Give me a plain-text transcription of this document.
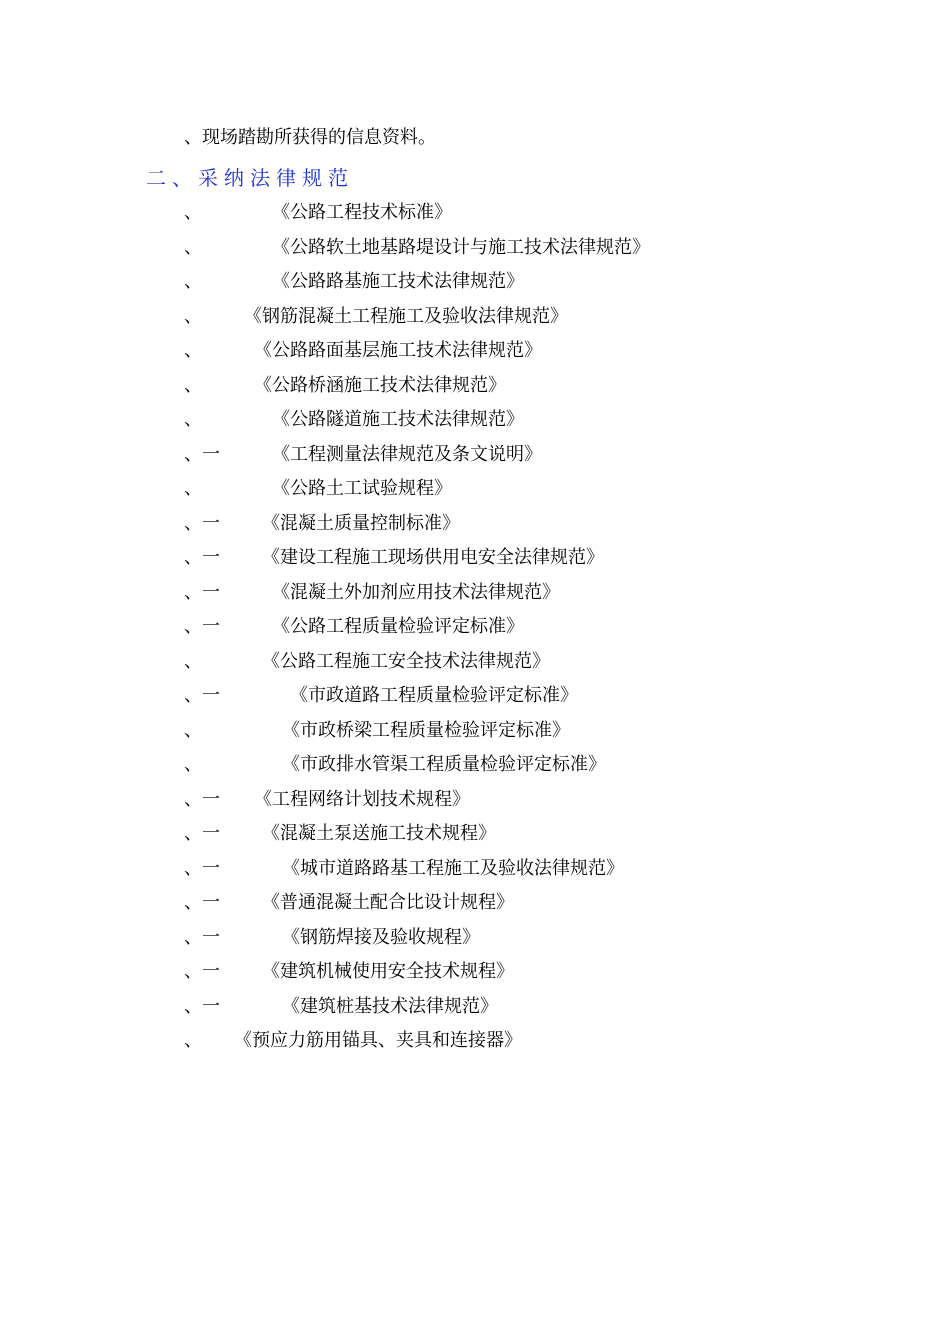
、现场踏勘所获得的信息资料。
二、采纳法律规范
、	《公路工程技术标准》
、	《公路软土地基路堤设计与施工技术法律规范》
、	《公路路基施工技术法律规范》
、 《钢筋混凝土工程施工及验收法律规范》
、	《公路路面基层施工技术法律规范》
、	《公路桥涵施工技术法律规范》
、	《公路隧道施工技术法律规范》
、一	《工程测量法律规范及条文说明》
、	《公路土工试验规程》
、一 《混凝土质量控制标准》
、一 《建设工程施工现场供用电安全法律规范》
、一	《混凝土外加剂应用技术法律规范》
、一	《公路工程质量检验评定标准》
、	《公路工程施工安全技术法律规范》
、一	《市政道路工程质量检验评定标准》
、	《市政桥梁工程质量检验评定标准》
、	《市政排水管渠工程质量检验评定标准》
、一 《工程网络计划技术规程》
、一 《混凝土泵送施工技术规程》
、一	《城市道路路基工程施工及验收法律规范》
、一 《普通混凝土配合比设计规程》
、一	《钢筋焊接及验收规程》
、一 《建筑机械使用安全技术规程》
、一	《建筑桩基技术法律规范》
、 《预应力筋用锚具、夹具和连接器》
